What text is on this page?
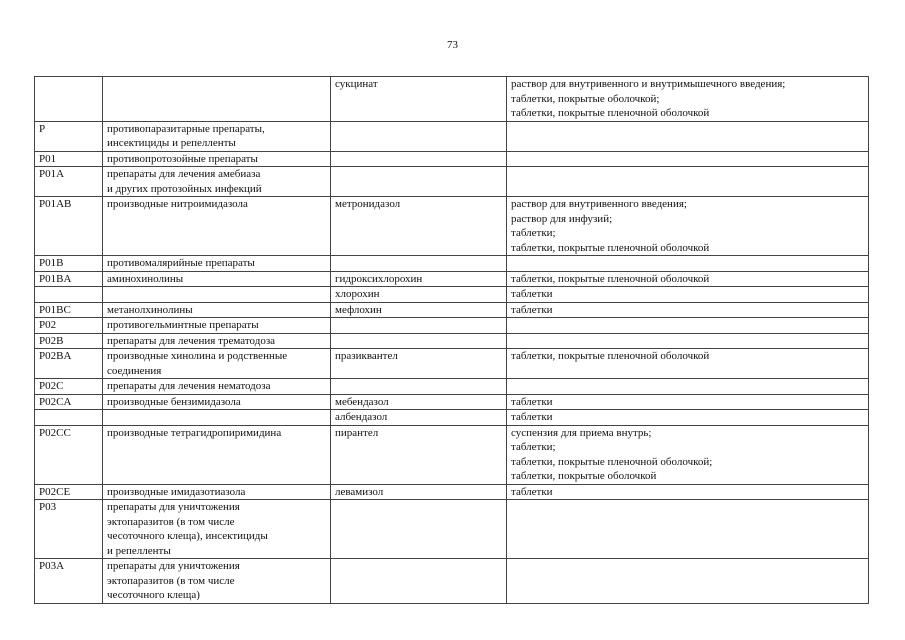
73
		сукцинат	раствор для внутривенного и внутримышечного введения;
таблетки, покрытые оболочкой;
таблетки, покрытые пленочной оболочкой
P	противопаразитарные препараты,
инсектициды и репелленты		
P01	противопротозойные препараты		
P01A	препараты для лечения амебиаза
и других протозойных инфекций		
P01AB	производные нитроимидазола	метронидазол	раствор для внутривенного введения;
раствор для инфузий;
таблетки;
таблетки, покрытые пленочной оболочкой
P01B	противомалярийные препараты		
P01BA	аминохинолины	гидроксихлорохин	таблетки, покрытые пленочной оболочкой
		хлорохин	таблетки
P01BC	метанолхинолины	мефлохин	таблетки
P02	противогельминтные препараты		
P02B	препараты для лечения трематодоза		
P02BA	производные хинолина и родственные
соединения	празиквантел	таблетки, покрытые пленочной оболочкой
P02C	препараты для лечения нематодоза		
P02CA	производные бензимидазола	мебендазол	таблетки
		албендазол	таблетки
P02CC	производные тетрагидропиримидина	пирантел	суспензия для приема внутрь;
таблетки;
таблетки, покрытые пленочной оболочкой;
таблетки, покрытые оболочкой
P02CE	производные имидазотиазола	левамизол	таблетки
P03	препараты для уничтожения
эктопаразитов (в том числе
чесоточного клеща), инсектициды
и репелленты		
P03A	препараты для уничтожения
эктопаразитов (в том числе
чесоточного клеща)		
